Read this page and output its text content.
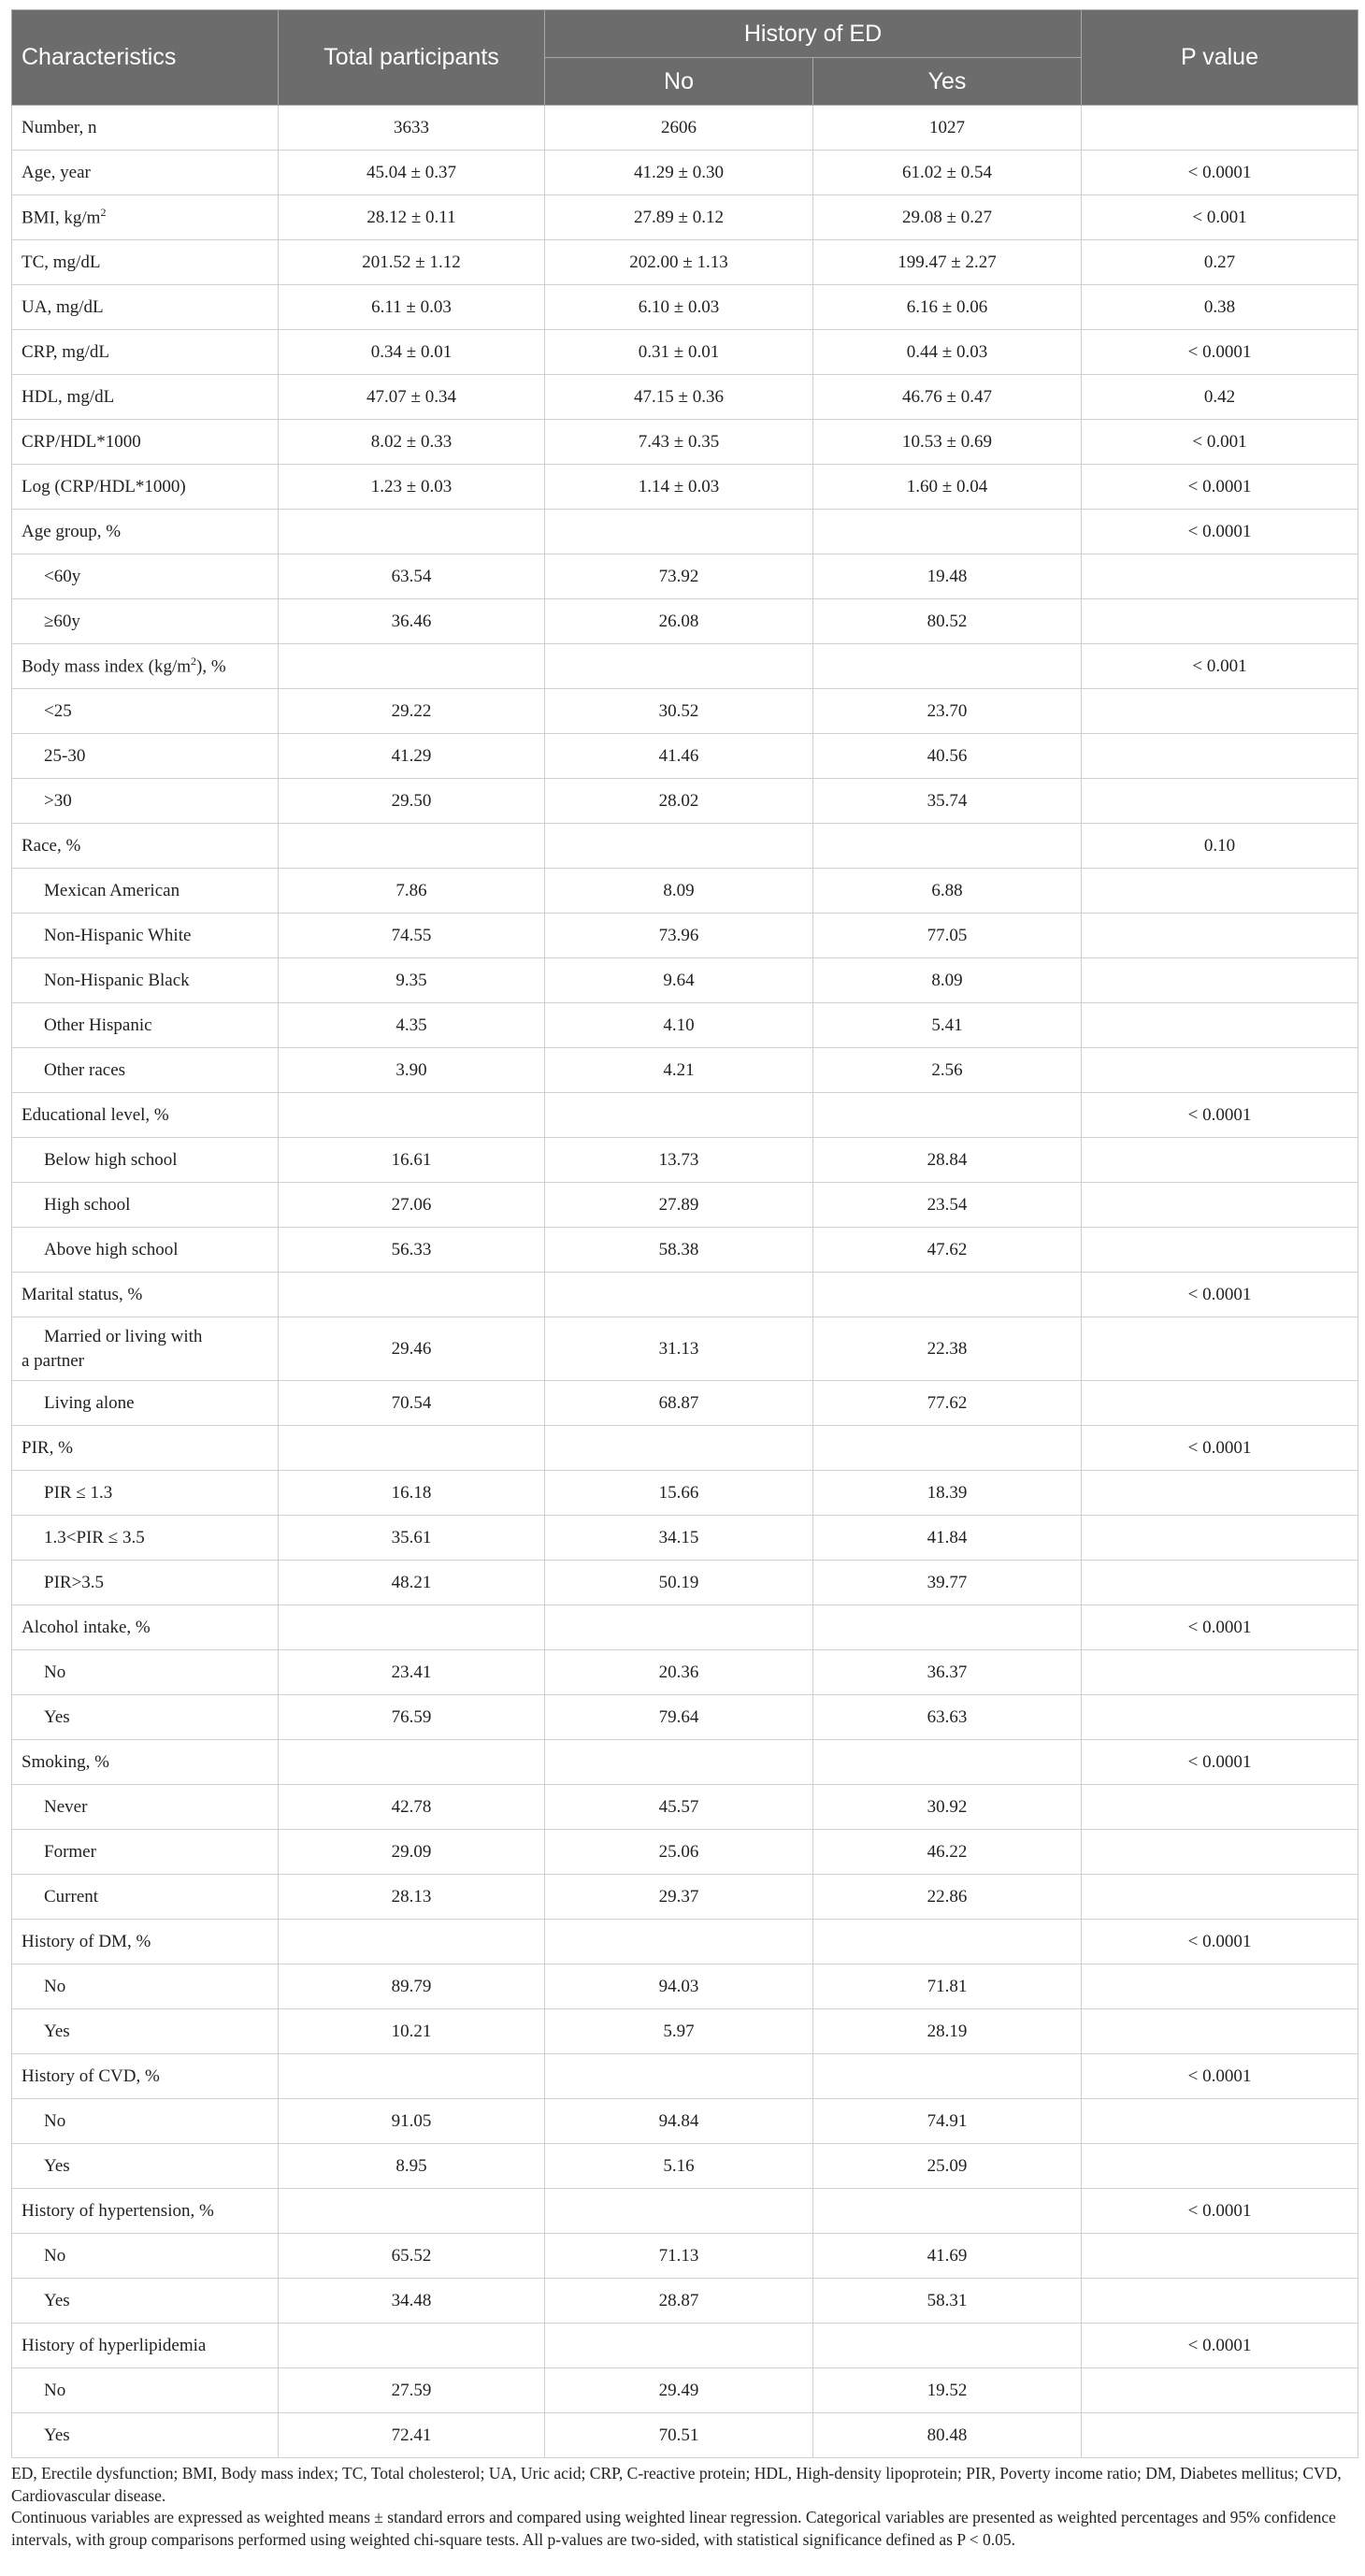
Characteristics	Total participants	History of ED		P value
		No	Yes	
Number, n	3633	2606	1027	
Age, year	45.04 ± 0.37	41.29 ± 0.30	61.02 ± 0.54	< 0.0001
BMI, $kg/m^2$	28.12 ± 0.11	27.89 ± 0.12	29.08 ± 0.27	< 0.001
TC, mg/dL	201.52 ± 1.12	202.00 ± 1.13	199.47 ± 2.27	0.27
UA, mg/dL	6.11 ± 0.03	6.10 ± 0.03	6.16 ± 0.06	0.38
CRP, mg/dL	0.34 ± 0.01	0.31 ± 0.01	0.44 ± 0.03	< 0.0001
HDL, mg/dL	47.07 ± 0.34	47.15 ± 0.36	46.76 ± 0.47	0.42
CRP/HDL*1000	8.02 ± 0.33	7.43 ± 0.35	10.53 ± 0.69	< 0.001
Log (CRP/HDL*1000)	1.23 ± 0.03	1.14 ± 0.03	1.60 ± 0.04	< 0.0001
Age group, %				< 0.0001
<60y	63.54	73.92	19.48	
≥60y	36.46	26.08	80.52	
Body mass index $(kg/m^2)$, %				< 0.001
<25	29.22	30.52	23.70	
25-30	41.29	41.46	40.56	
>30	29.50	28.02	35.74	
Race, %				0.10
Mexican American	7.86	8.09	6.88	
Non-Hispanic White	74.55	73.96	77.05	
Non-Hispanic Black	9.35	9.64	8.09	
Other Hispanic	4.35	4.10	5.41	
Other races	3.90	4.21	2.56	
Educational level, %				< 0.0001
Below high school	16.61	13.73	28.84	
High school	27.06	27.89	23.54	
Above high school	56.33	58.38	47.62	
Marital status, %				< 0.0001
Married or living with
a partner	29.46	31.13	22.38	
Living alone	70.54	68.87	77.62	
PIR, %				< 0.0001
PIR ≤ 1.3	16.18	15.66	18.39	
1.3<PIR ≤ 3.5	35.61	34.15	41.84	
PIR>3.5	48.21	50.19	39.77	
Alcohol intake, %				< 0.0001
No	23.41	20.36	36.37	
Yes	76.59	79.64	63.63	
Smoking, %				< 0.0001
Never	42.78	45.57	30.92	
Former	29.09	25.06	46.22	
Current	28.13	29.37	22.86	
History of DM, %				< 0.0001
No	89.79	94.03	71.81	
Yes	10.21	5.97	28.19	
History of CVD, %				< 0.0001
No	91.05	94.84	74.91	
Yes	8.95	5.16	25.09	
History of hypertension, %				< 0.0001
No	65.52	71.13	41.69	
Yes	34.48	28.87	58.31	
History of hyperlipidemia				< 0.0001
No	27.59	29.49	19.52	
Yes	72.41	70.51	80.48	

ED, Erectile dysfunction; BMI, Body mass index; TC, Total cholesterol; UA, Uric acid; CRP, C-reactive protein; HDL, High-density lipoprotein; PIR, Poverty income ratio; DM, Diabetes mellitus; CVD, Cardiovascular disease.

Continuous variables are expressed as weighted means ± standard errors and compared using weighted linear regression. Categorical variables are presented as weighted percentages and 95% confidence intervals, with group comparisons performed using weighted chi-square tests. All p-values are two-sided, with statistical significance defined as P < 0.05.
